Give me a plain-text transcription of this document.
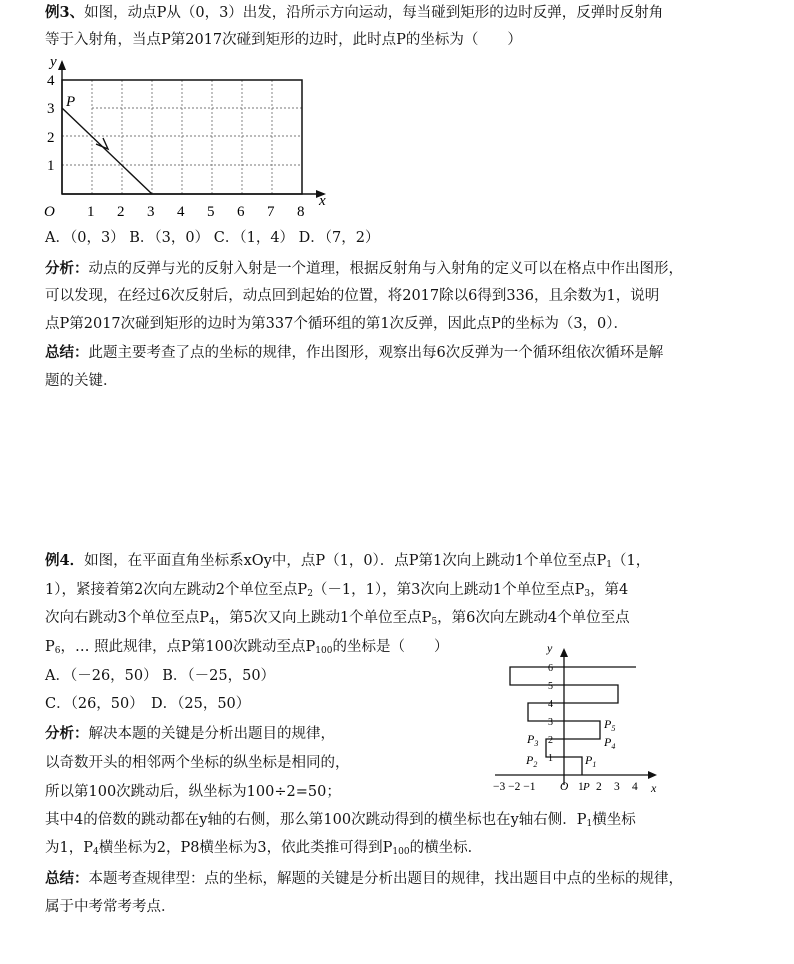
例3、如图，动点P从（0，3）出发，沿所示方向运动，每当碰到矩形的边时反弹，反弹时反射角
等于入射角，当点P第2017次碰到矩形的边时，此时点P的坐标为（　　）
y
x
O
P
1
2
3
4
1 2 3 4 5 6 7 8
A．（0，3） B．（3，0） C．（1，4） D．（7，2）
分析：动点的反弹与光的反射入射是一个道理，根据反射角与入射角的定义可以在格点中作出图形，
可以发现，在经过6次反射后，动点回到起始的位置，将2017除以6得到336，且余数为1，说明
点P第2017次碰到矩形的边时为第337个循环组的第1次反弹，因此点P的坐标为（3，0）．
总结：此题主要考查了点的坐标的规律，作出图形，观察出每6次反弹为一个循环组依次循环是解
题的关键．
例4．如图，在平面直角坐标系xOy中，点P（1，0）．点P第1次向上跳动1个单位至点$P_1(1$，
1），紧接着第2次向左跳动2个单位至点$P_2(-1$，1），第3次向上跳动1个单位至点$P_3$，第4
次向右跳动3个单位至点$P_4$，第5次又向上跳动1个单位至点$P_5$，第6次向左跳动4个单位至点
$P_6$，… 照此规律，点P第100次跳动至点$P_{100}$的坐标是（　　）
A．（－26，50） B．（－25，50）
C．（26，50）　D．（25，50）
分析：解决本题的关键是分析出题目的规律，
以奇数开头的相邻两个坐标的纵坐标是相同的，
所以第100次跳动后，纵坐标为100÷2=50；
其中4的倍数的跳动都在y轴的右侧，那么第100次跳动得到的横坐标也在y轴右侧．$P_1$横坐标
为1，$P_4$横坐标为2，P8横坐标为3，依此类推可得到$P_{100}$的横坐标．
总结：本题考查规律型：点的坐标，解题的关键是分析出题目的规律，找出题目中点的坐标的规律，
属于中考常考考点．
1
2
3
4
5
6
y
x
−3 −2 −1 O 1 2 3 4
P
$P_1$
$P_2$
$P_3$	$P_4$
$P_5$
